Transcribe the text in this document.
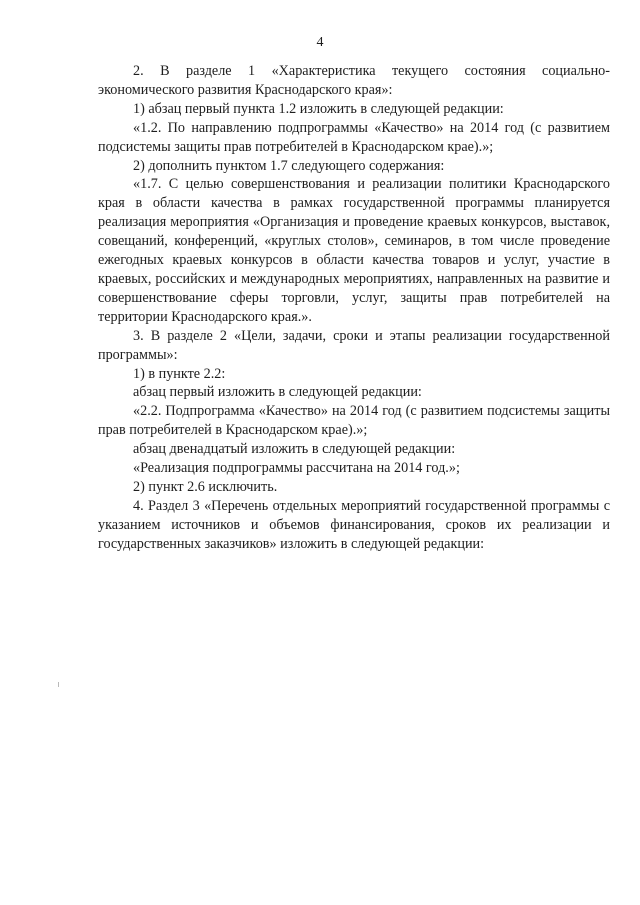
4

2. В разделе 1 «Характеристика текущего состояния социально-экономического развития Краснодарского края»:

1) абзац первый пункта 1.2 изложить в следующей редакции:

«1.2. По направлению подпрограммы «Качество» на 2014 год (с развитием подсистемы защиты прав потребителей в Краснодарском крае).»;

2) дополнить пунктом 1.7 следующего содержания:

«1.7. С целью совершенствования и реализации политики Краснодарского края в области качества в рамках государственной программы планируется реализация мероприятия «Организация и проведение краевых конкурсов, выставок, совещаний, конференций, «круглых столов», семинаров, в том числе проведение ежегодных краевых конкурсов в области качества товаров и услуг, участие в краевых, российских и международных мероприятиях, направленных на развитие и совершенствование сферы торговли, услуг, защиты прав потребителей на территории Краснодарского края.».

3. В разделе 2 «Цели, задачи, сроки и этапы реализации государственной программы»:

1) в пункте 2.2:

абзац первый изложить в следующей редакции:

«2.2. Подпрограмма «Качество» на 2014 год (с развитием подсистемы защиты прав потребителей в Краснодарском крае).»;

абзац двенадцатый изложить в следующей редакции:

«Реализация подпрограммы рассчитана на 2014 год.»;

2) пункт 2.6 исключить.

4. Раздел 3 «Перечень отдельных мероприятий государственной программы с указанием источников и объемов финансирования, сроков их реализации и государственных заказчиков» изложить в следующей редакции:
